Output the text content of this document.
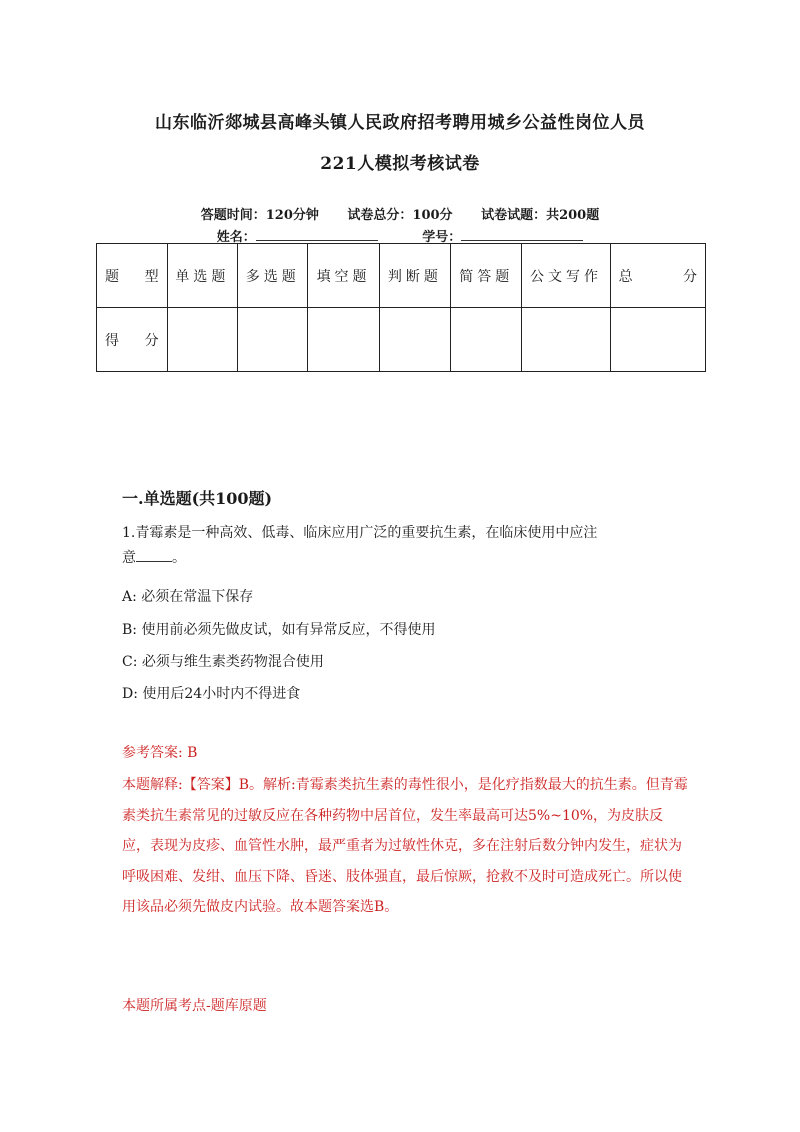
山东临沂郯城县高峰头镇人民政府招考聘用城乡公益性岗位人员
221人模拟考核试卷
答题时间：120分钟 试卷总分：100分 试卷试题：共200题
姓名：	学号：
题 型	单选题	多选题	填空题	判断题	简答题	公文写作	总 分

得 分							

一.单选题(共100题)
1.青霉素是一种高效、低毒、临床应用广泛的重要抗生素，在临床使用中应注
意	。
A: 必须在常温下保存
B: 使用前必须先做皮试，如有异常反应，不得使用
C: 必须与维生素类药物混合使用
D: 使用后24小时内不得进食
参考答案: B
本题解释:【答案】B。解析:青霉素类抗生素的毒性很小，是化疗指数最大的抗生素。但青霉素类抗生素常见的过敏反应在各种药物中居首位，发生率最高可达5%~10%，为皮肤反应，表现为皮疹、血管性水肿，最严重者为过敏性休克，多在注射后数分钟内发生，症状为呼吸困难、发绀、血压下降、昏迷、肢体强直，最后惊厥，抢救不及时可造成死亡。所以使用该品必须先做皮内试验。故本题答案选B。
本题所属考点-题库原题
